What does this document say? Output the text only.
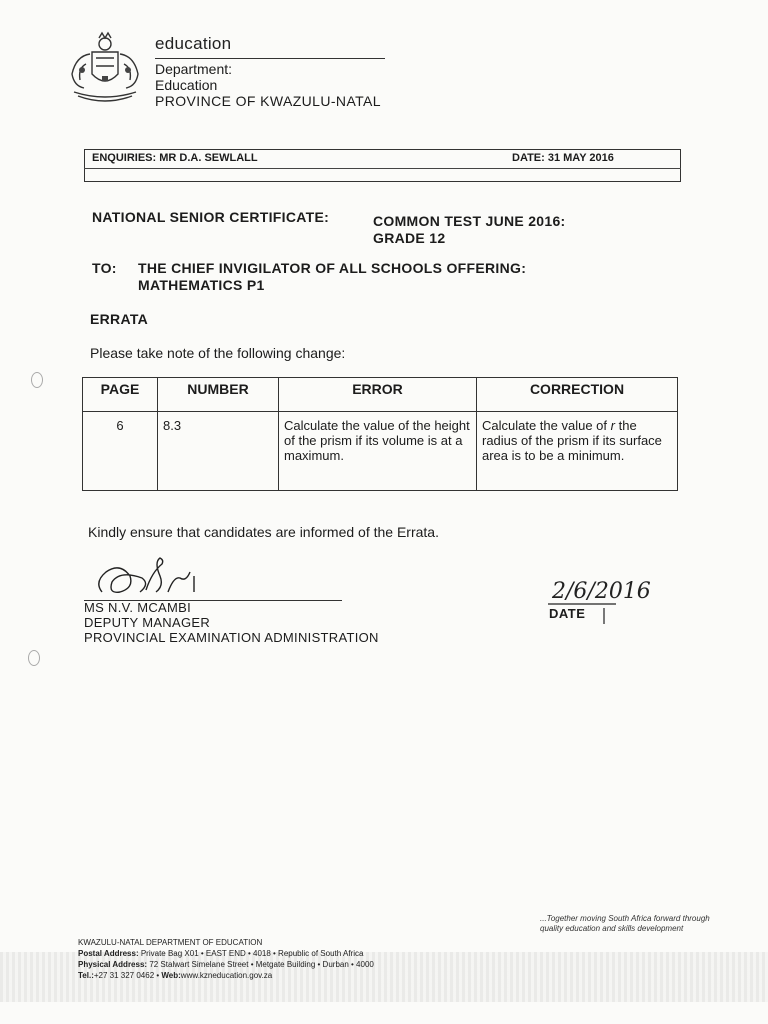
education
Department:
Education
PROVINCE OF KWAZULU-NATAL
ENQUIRIES: MR D.A. SEWLALL	DATE: 31 MAY 2016
NATIONAL SENIOR CERTIFICATE:	COMMON TEST JUNE 2016:
GRADE 12
TO: THE CHIEF INVIGILATOR OF ALL SCHOOLS OFFERING:
MATHEMATICS P1
ERRATA
Please take note of the following change:
PAGE	NUMBER	ERROR	CORRECTION
6	8.3	Calculate the value of the height of the prism if its volume is at a maximum.	Calculate the value of r the radius of the prism if its surface area is to be a minimum.
Kindly ensure that candidates are informed of the Errata.
MS N.V. MCAMBI
DEPUTY MANAGER
PROVINCIAL EXAMINATION ADMINISTRATION
2/6/2016
DATE
...Together moving South Africa forward through
quality education and skills development
KWAZULU-NATAL DEPARTMENT OF EDUCATION
Postal Address: Private Bag X01 • EAST END • 4018 • Republic of South Africa
Physical Address: 72 Stalwart Simelane Street • Metgate Building • Durban • 4000
Tel.:+27 31 327 0462 • Web:www.kzneducation.gov.za
